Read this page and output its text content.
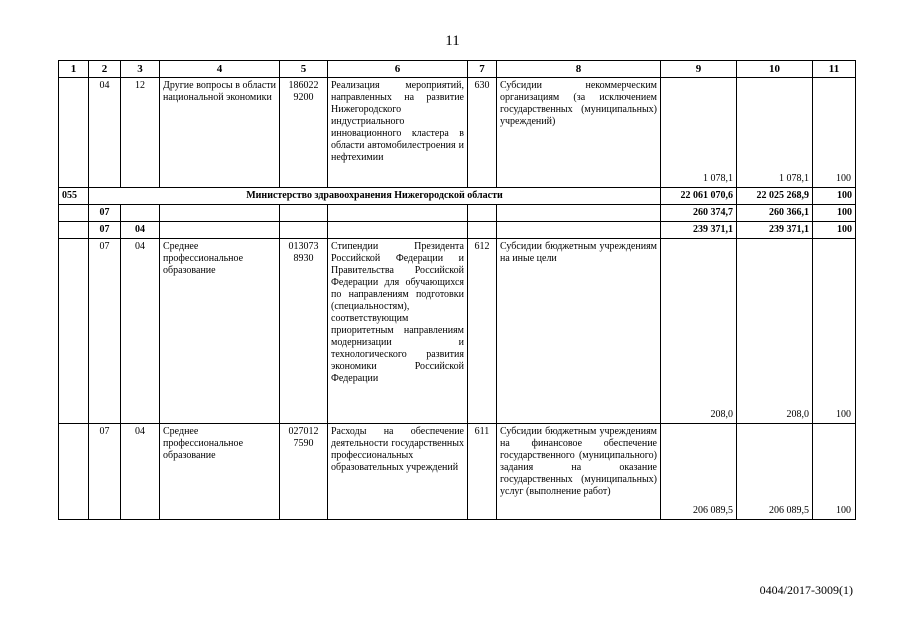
11
1	2	3	4	5	6	7	8	9	10	11
	04	12	Другие вопросы в области национальной экономики	186022 9200	Реализация мероприятий, направленных на развитие Нижегородского индустриального инновационного кластера в области автомобилестроения и нефтехимии	630	Субсидии некоммерческим организациям (за исключением государственных (муниципальных) учреждений)	1 078,1	1 078,1	100
055	Министерство здравоохранения Нижегородской области							22 061 070,6	22 025 268,9	100
	07							260 374,7	260 366,1	100
	07	04						239 371,1	239 371,1	100
	07	04	Среднее профессиональное образование	013073 8930	Стипендии Президента Российской Федерации и Правительства Российской Федерации для обучающихся по направлениям подготовки (специальностям), соответствующим приоритетным направлениям модернизации и технологического развития экономики Российской Федерации	612	Субсидии бюджетным учреждениям на иные цели	208,0	208,0	100
	07	04	Среднее профессиональное образование	027012 7590	Расходы на обеспечение деятельности государственных профессиональных образовательных учреждений	611	Субсидии бюджетным учреждениям на финансовое обеспечение государственного (муниципального) задания на оказание государственных (муниципальных) услуг (выполнение работ)	206 089,5	206 089,5	100
0404/2017-3009(1)
